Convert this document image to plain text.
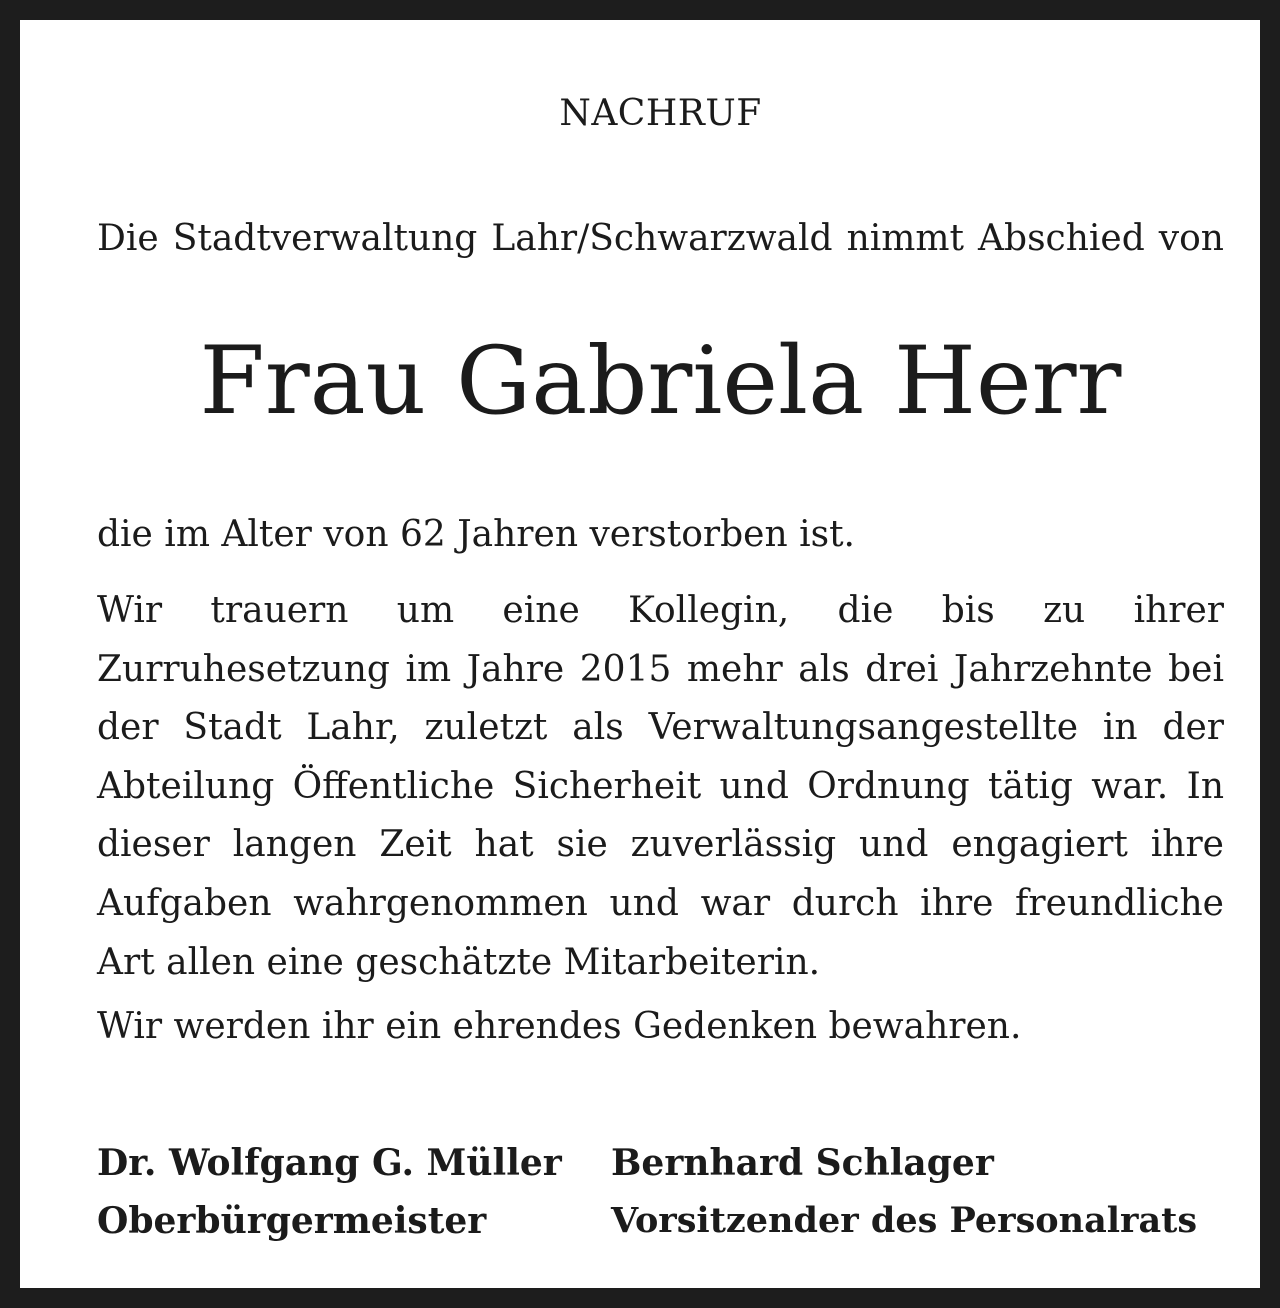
NACHRUF
Die Stadtverwaltung Lahr/Schwarzwald nimmt Abschied von
Frau Gabriela Herr
die im Alter von 62 Jahren verstorben ist.
Wir trauern um eine Kollegin, die bis zu ihrer Zurruhesetzung im Jahre 2015 mehr als drei Jahrzehnte bei der Stadt Lahr, zuletzt als Verwaltungsangestellte in der Abteilung Öffentliche Sicherheit und Ordnung tätig war. In dieser langen Zeit hat sie zuverlässig und engagiert ihre Aufgaben wahrgenommen und war durch ihre freundliche Art allen eine geschätzte Mitarbeiterin.
Wir werden ihr ein ehrendes Gedenken bewahren.
Dr. Wolfgang G. Müller
Oberbürgermeister
Bernhard Schlager
Vorsitzender des Personalrats
